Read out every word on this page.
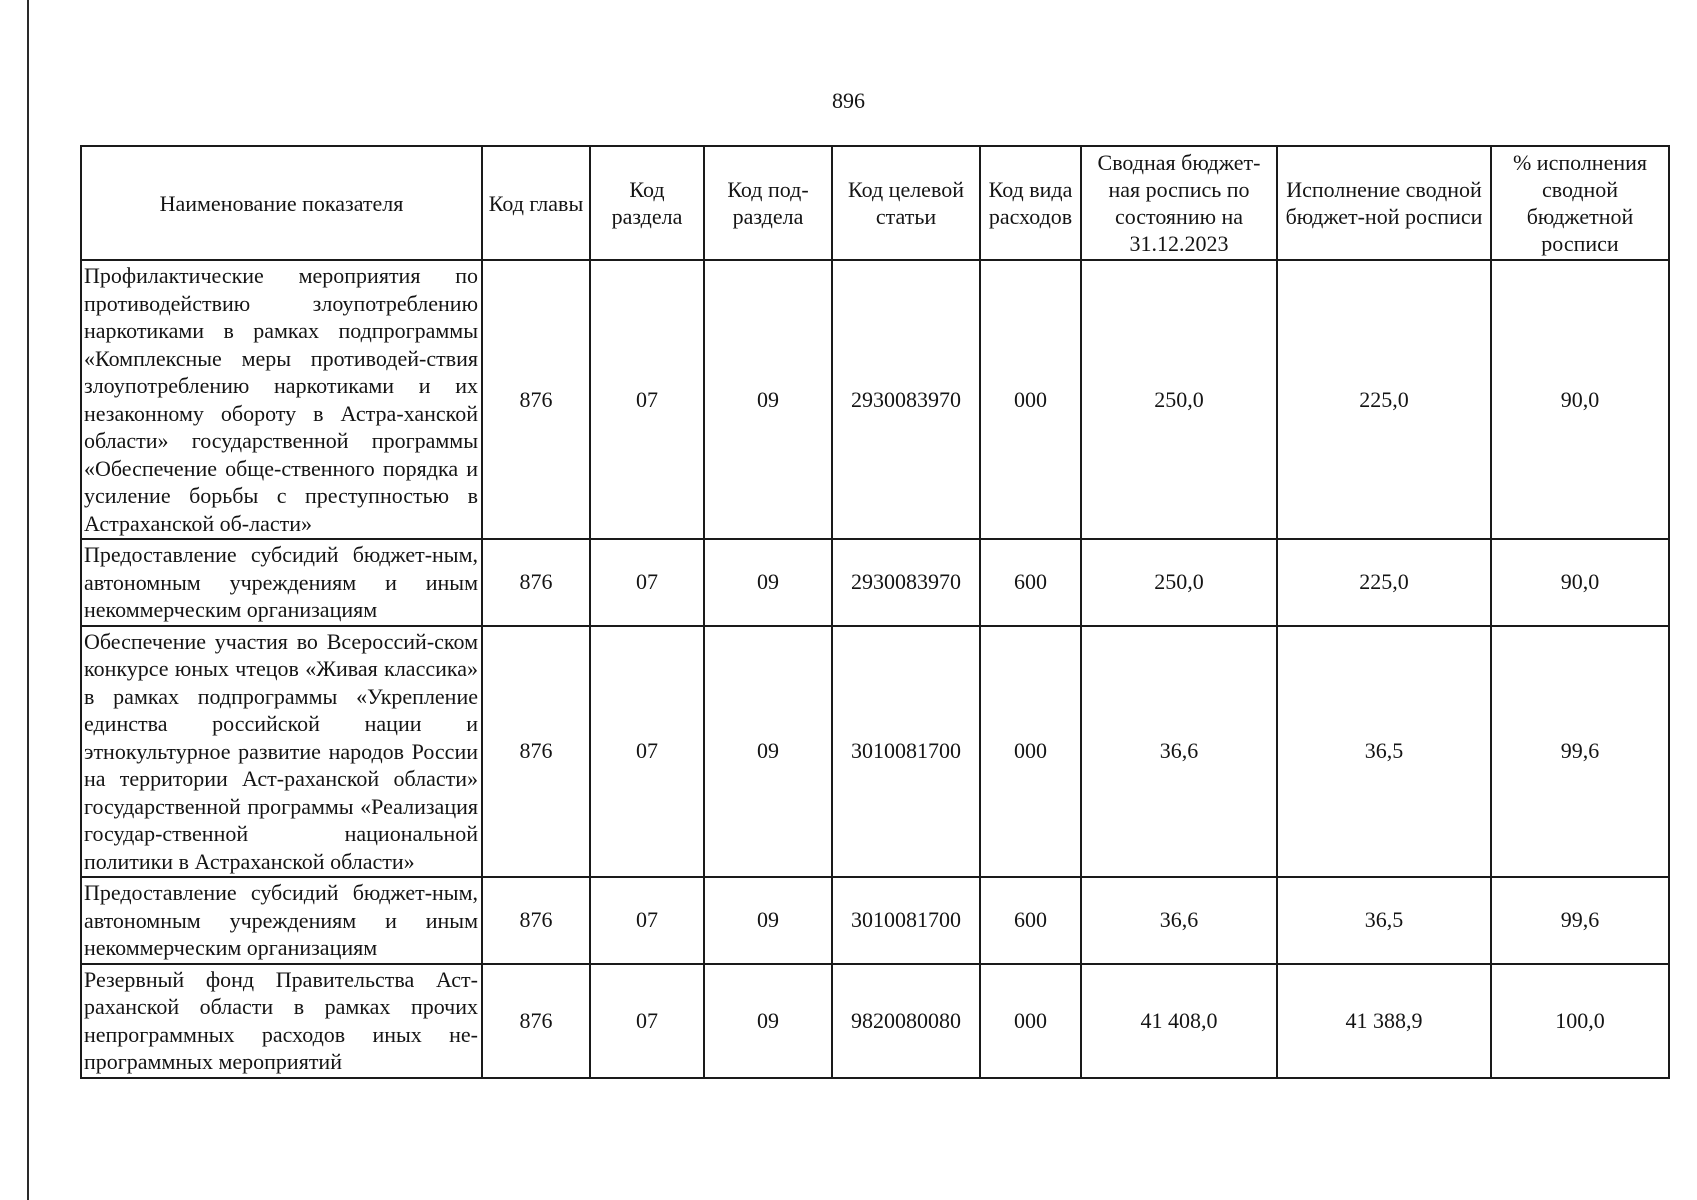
896
Наименование показателя	Код главы	Код раздела	Код под-раздела	Код целевой статьи	Код вида расходов	Сводная бюджет-ная роспись по состоянию на 31.12.2023	Исполнение сводной бюджет-ной росписи	% исполнения сводной бюджетной росписи
Профилактические мероприятия по противодействию злоупотреблению наркотиками в рамках подпрограммы «Комплексные меры противодей-ствия злоупотреблению наркотиками и их незаконному обороту в Астра-ханской области» государственной программы «Обеспечение обще-ственного порядка и усиление борьбы с преступностью в Астраханской об-ласти»	876	07	09	2930083970	000	250,0	225,0	90,0
Предоставление субсидий бюджет-ным, автономным учреждениям и иным некоммерческим организациям	876	07	09	2930083970	600	250,0	225,0	90,0
Обеспечение участия во Всероссий-ском конкурсе юных чтецов «Живая классика» в рамках подпрограммы «Укрепление единства российской нации и этнокультурное развитие народов России на территории Аст-раханской области» государственной программы «Реализация государ-ственной национальной политики в Астраханской области»	876	07	09	3010081700	000	36,6	36,5	99,6
Предоставление субсидий бюджет-ным, автономным учреждениям и иным некоммерческим организациям	876	07	09	3010081700	600	36,6	36,5	99,6
Резервный фонд Правительства Аст-раханской области в рамках прочих непрограммных расходов иных не-программных мероприятий	876	07	09	9820080080	000	41 408,0	41 388,9	100,0
